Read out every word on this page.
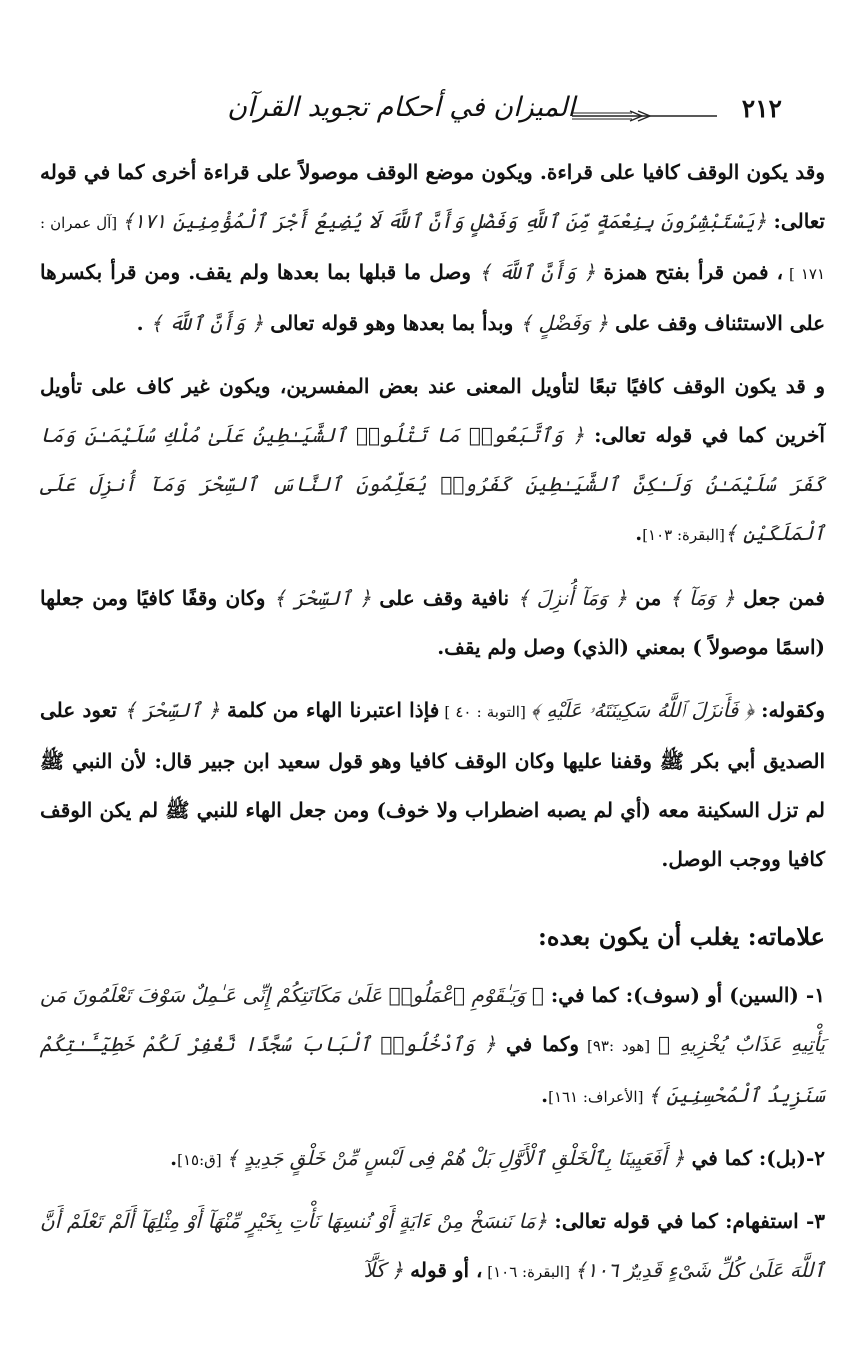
الميزان في أحكام تجويد القرآن	٢١٢

وقد يكون الوقف كافيا على قراءة. ويكون موضع الوقف موصولاً على قراءة أخرى كما في قوله تعالى: ﴿يَسْتَبْشِرُونَ بِنِعْمَةٍ مِّنَ ٱللَّهِ وَفَضْلٍ وَأَنَّ ٱللَّهَ لَا يُضِيعُ أَجْرَ ٱلْمُؤْمِنِينَ ١٧١﴾ [آل عمران : ١٧١ ] ، فمن قرأ بفتح همزة ﴿ وَأَنَّ ٱللَّهَ ﴾ وصل ما قبلها بما بعدها ولم يقف. ومن قرأ بكسرها على الاستئناف وقف على ﴿ وَفَضْلٍ ﴾ وبدأ بما بعدها وهو قوله تعالى ﴿ وَأَنَّ ٱللَّهَ ﴾ .

و قد يكون الوقف كافيًا تبعًا لتأويل المعنى عند بعض المفسرين، ويكون غير كاف على تأويل آخرين كما في قوله تعالى: ﴿ وَٱتَّبَعُوا۟ مَا تَتْلُوا۟ ٱلشَّيَـٰطِينُ عَلَىٰ مُلْكِ سُلَيْمَـٰنَ وَمَا كَفَرَ سُلَيْمَـٰنُ وَلَـٰكِنَّ ٱلشَّيَـٰطِينَ كَفَرُوا۟ يُعَلِّمُونَ ٱلنَّاسَ ٱلسِّحْرَ وَمَآ أُنزِلَ عَلَى ٱلْمَلَكَيْنِ ﴾[البقرة: ١٠٣].

فمن جعل ﴿ وَمَآ ﴾ من ﴿ وَمَآ أُنزِلَ ﴾ نافية وقف على ﴿ ٱلسِّحْرَ ﴾ وكان وقفًا كافيًا ومن جعلها (اسمًا موصولاً ) بمعني (الذي) وصل ولم يقف.

وكقوله: ﴿ فَأَنزَلَ ٱللَّهُ سَكِينَتَهُۥ عَلَيْهِ ﴾ [التوبة : ٤٠ ] فإذا اعتبرنا الهاء من كلمة ﴿ ٱلسِّحْرَ ﴾ تعود على الصديق أبي بكر ﷺ وقفنا عليها وكان الوقف كافيا وهو قول سعيد ابن جبير قال: لأن النبي ﷺ لم تزل السكينة معه (أي لم يصبه اضطراب ولا خوف) ومن جعل الهاء للنبي ﷺ لم يكن الوقف كافيا ووجب الوصل.

علاماته: يغلب أن يكون بعده:

١- (السين) أو (سوف): كما في: ﴿ وَيَـٰقَوْمِ ٱعْمَلُوا۟ عَلَىٰ مَكَانَتِكُمْ إِنِّى عَـٰمِلٌ سَوْفَ تَعْلَمُونَ مَن يَأْتِيهِ عَذَابٌ يُخْزِيهِ ﴾ [هود :٩٣] وكما في ﴿ وَٱدْخُلُوا۟ ٱلْبَابَ سُجَّدًا نَّغْفِرْ لَكُمْ خَطِيٓـَٔـٰتِكُمْ سَنَزِيدُ ٱلْمُحْسِنِينَ ﴾ [الأعراف: ١٦١].

٢-(بل): كما في ﴿ أَفَعَيِينَا بِٱلْخَلْقِ ٱلْأَوَّلِ بَلْ هُمْ فِى لَبْسٍ مِّنْ خَلْقٍ جَدِيدٍ ﴾ [ق:١٥].

٣- استفهام: كما في قوله تعالى: ﴿مَا نَنسَخْ مِنْ ءَايَةٍ أَوْ نُنسِهَا نَأْتِ بِخَيْرٍ مِّنْهَآ أَوْ مِثْلِهَآ أَلَمْ تَعْلَمْ أَنَّ ٱللَّهَ عَلَىٰ كُلِّ شَىْءٍ قَدِيرٌ ١٠٦﴾ [البقرة: ١٠٦] ، أو قوله ﴿ كَلَّآ
